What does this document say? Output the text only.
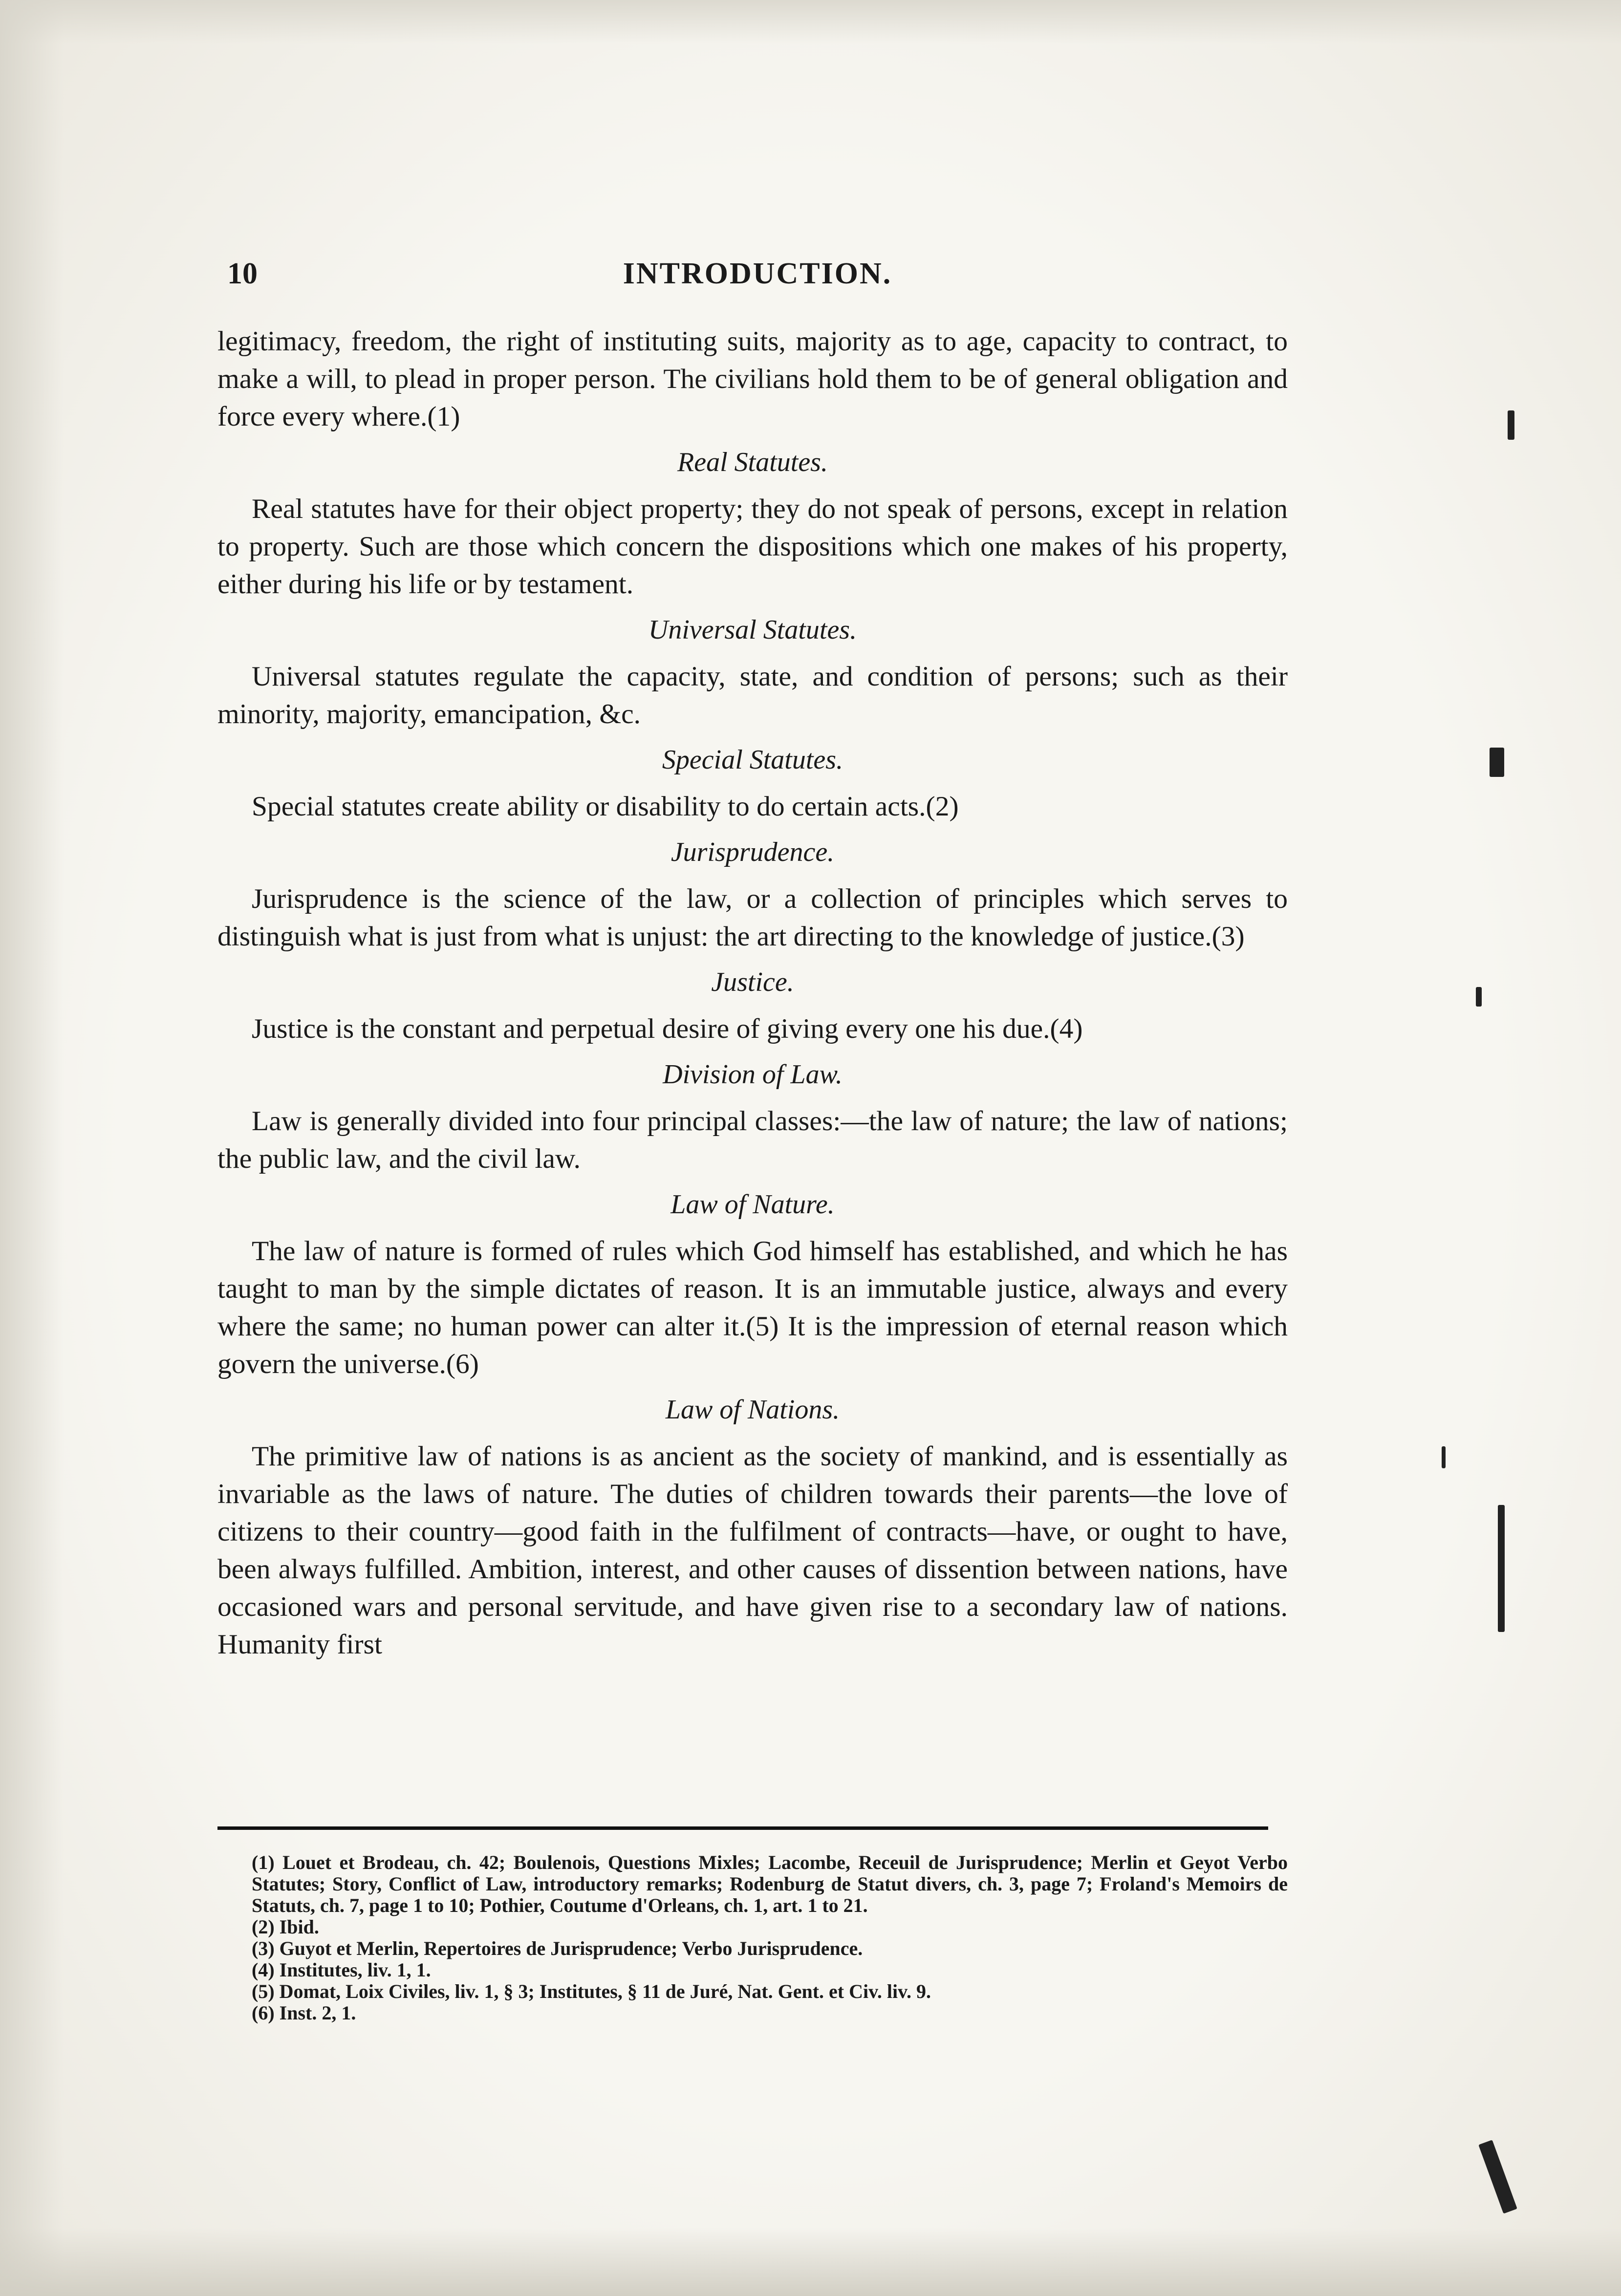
INTRODUCTION.
10

legitimacy, freedom, the right of instituting suits, majority as to age, capacity to contract, to make a will, to plead in proper person. The civilians hold them to be of general obligation and force every where.(1)

Real Statutes.

Real statutes have for their object property; they do not speak of persons, except in relation to property. Such are those which concern the dispositions which one makes of his property, either during his life or by testament.

Universal Statutes.

Universal statutes regulate the capacity, state, and condition of persons; such as their minority, majority, emancipation, &c.

Special Statutes.

Special statutes create ability or disability to do certain acts.(2)

Jurisprudence.

Jurisprudence is the science of the law, or a collection of principles which serves to distinguish what is just from what is unjust: the art directing to the knowledge of justice.(3)

Justice.

Justice is the constant and perpetual desire of giving every one his due.(4)

Division of Law.

Law is generally divided into four principal classes:—the law of nature; the law of nations; the public law, and the civil law.

Law of Nature.

The law of nature is formed of rules which God himself has established, and which he has taught to man by the simple dictates of reason. It is an immutable justice, always and every where the same; no human power can alter it.(5) It is the impression of eternal reason which govern the universe.(6)

Law of Nations.

The primitive law of nations is as ancient as the society of mankind, and is essentially as invariable as the laws of nature. The duties of children towards their parents—the love of citizens to their country—good faith in the fulfilment of contracts—have, or ought to have, been always fulfilled. Ambition, interest, and other causes of dissention between nations, have occasioned wars and personal servitude, and have given rise to a secondary law of nations. Humanity first

(1) Louet et Brodeau, ch. 42; Boulenois, Questions Mixles; Lacombe, Receuil de Jurisprudence; Merlin et Geyot Verbo Statutes; Story, Conflict of Law, introductory remarks; Rodenburg de Statut divers, ch. 3, page 7; Froland's Memoirs de Statuts, ch. 7, page 1 to 10; Pothier, Coutume d'Orleans, ch. 1, art. 1 to 21.

(2) Ibid.

(3) Guyot et Merlin, Repertoires de Jurisprudence; Verbo Jurisprudence.

(4) Institutes, liv. 1, 1.

(5) Domat, Loix Civiles, liv. 1, § 3; Institutes, § 11 de Juré, Nat. Gent. et Civ. liv. 9.

(6) Inst. 2, 1.
